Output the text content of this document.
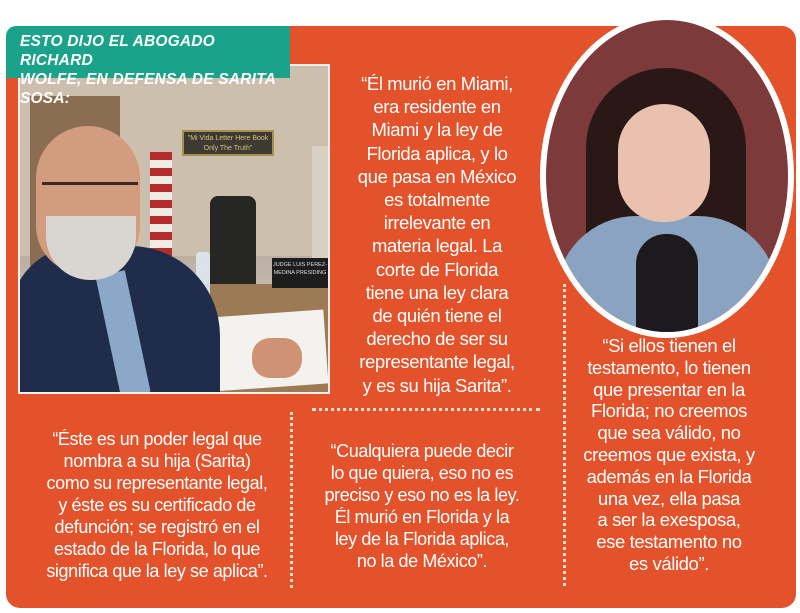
"Mi Vida Letter Here Book Only The Truth"
JUDGE LUIS PEREZ-MEDINA PRESIDING
ESTO DIJO EL ABOGADO RICHARD
WOLFE, EN DEFENSA DE SARITA SOSA:
“Él murió en Miami,
era residente en
Miami y la ley de
Florida aplica, y lo
que pasa en México
es totalmente
irrelevante en
materia legal. La
corte de Florida
tiene una ley clara
de quién tiene el
derecho de ser su
representante legal,
y es su hija Sarita”.
“Si ellos tienen el
testamento, lo tienen
que presentar en la
Florida; no creemos
que sea válido, no
creemos que exista, y
además en la Florida
una vez, ella pasa
a ser la exesposa,
ese testamento no
es válido”.
“Éste es un poder legal que
nombra a su hija (Sarita)
como su representante legal,
y éste es su certificado de
defunción; se registró en el
estado de la Florida, lo que
significa que la ley se aplica”.
“Cualquiera puede decir
lo que quiera, eso no es
preciso y eso no es la ley.
Él murió en Florida y la
ley de la Florida aplica,
no la de México”.
